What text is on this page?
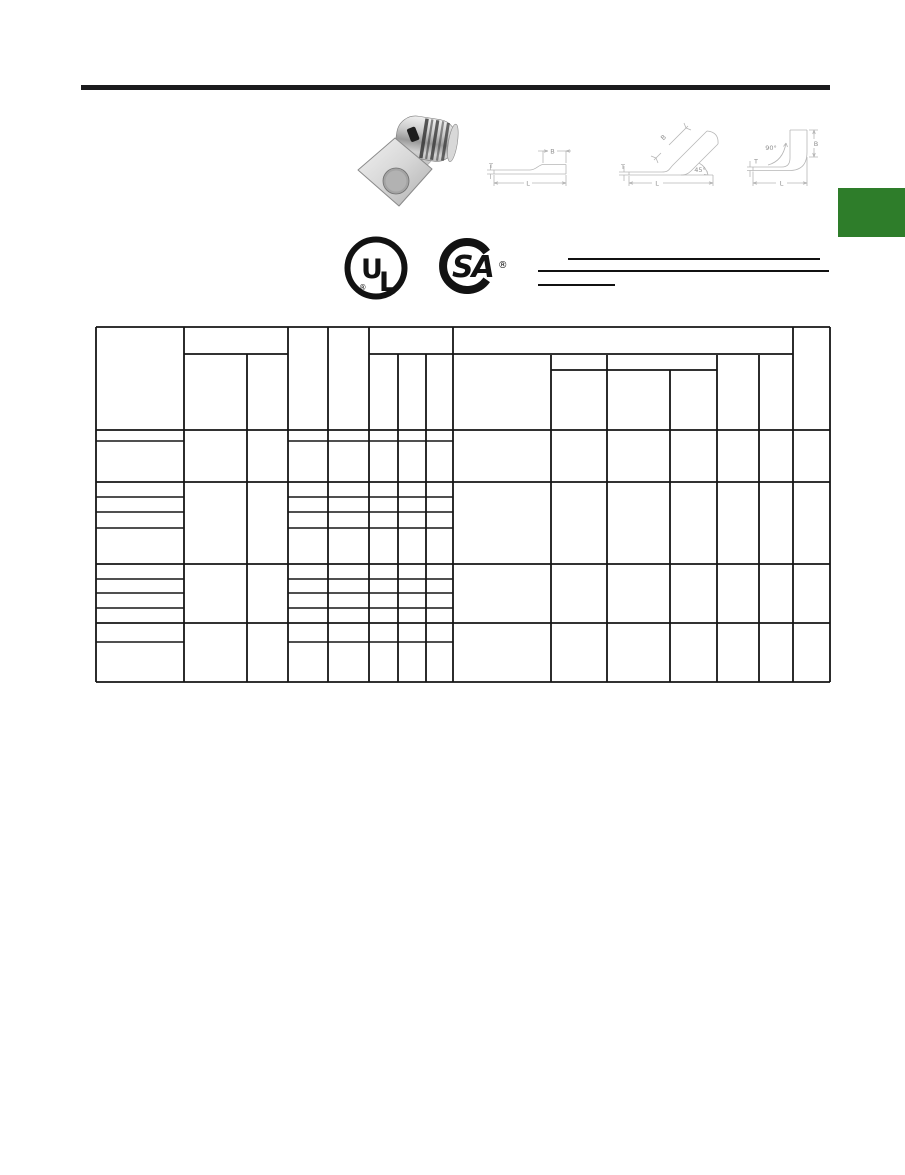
B
T
L
B
T
L
45°
B
T
L
90°
U
L
®
SA ®
